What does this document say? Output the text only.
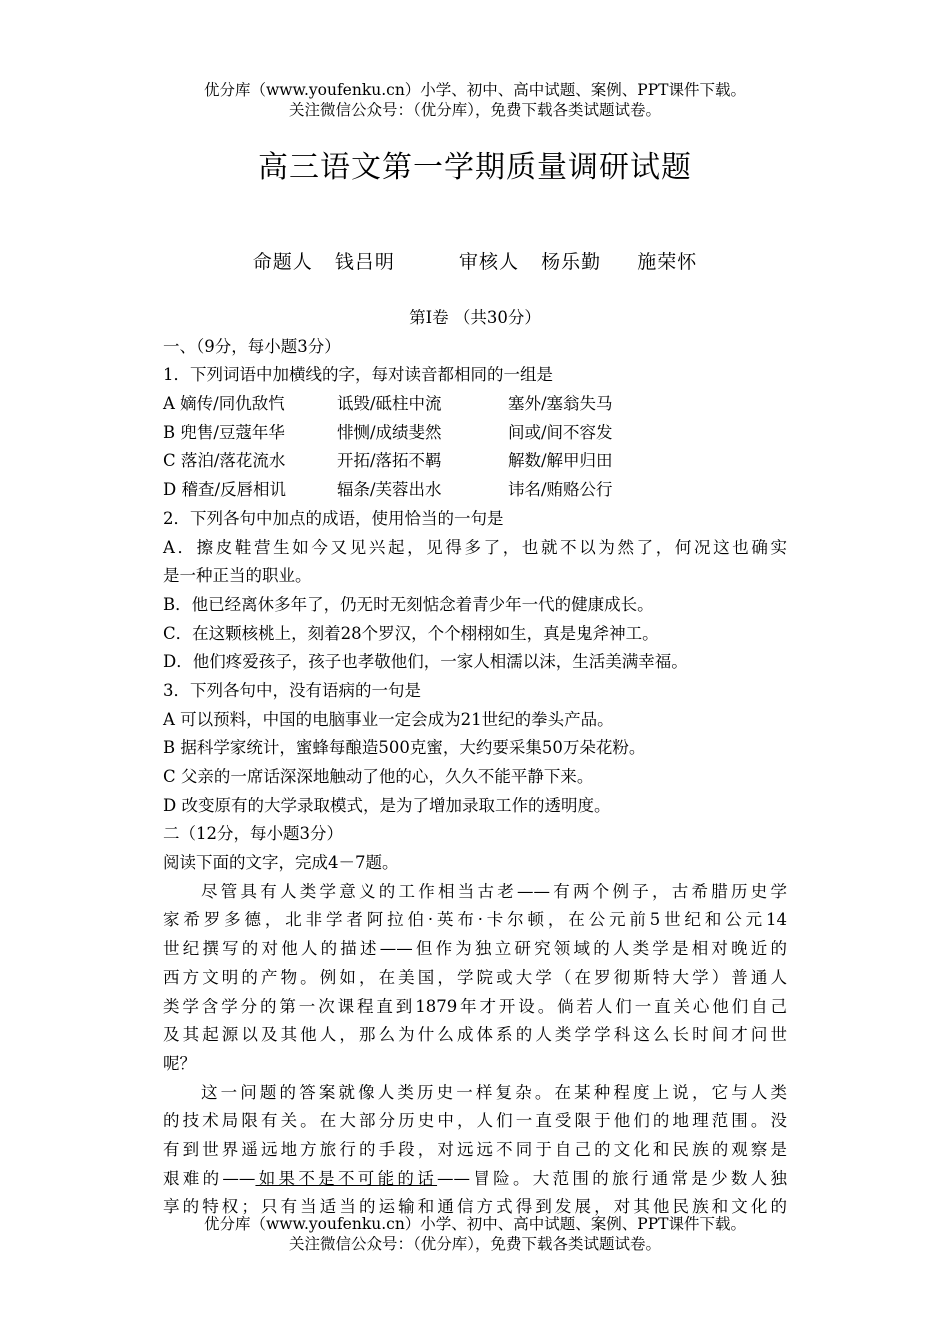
优分库（www.youfenku.cn）小学、初中、高中试题、案例、PPT课件下载。
关注微信公众号：（优分库），免费下载各类试题试卷。
高三语文第一学期质量调研试题
命题人 钱吕明	审核人 杨乐勤 施荣怀
第Ⅰ卷 （共30分）
一、（9分，每小题3分）
1．下列词语中加横线的字，每对读音都相同的一组是
A 嫡传/同仇敌忾	诋毁/砥柱中流	塞外/塞翁失马
B 兜售/豆蔻年华	悱恻/成绩斐然	间或/间不容发
C 落泊/落花流水	开拓/落拓不羁	解数/解甲归田
D 稽查/反唇相讥	辐条/芙蓉出水	讳名/贿赂公行
2．下列各句中加点的成语，使用恰当的一句是
A．擦皮鞋营生如今又见兴起，见得多了，也就不以为然了，何况这也确实
是一种正当的职业。
B．他已经离休多年了，仍无时无刻惦念着青少年一代的健康成长。
C．在这颗核桃上，刻着28个罗汉，个个栩栩如生，真是鬼斧神工。
D．他们疼爱孩子，孩子也孝敬他们，一家人相濡以沫，生活美满幸福。
3．下列各句中，没有语病的一句是
A 可以预料，中国的电脑事业一定会成为21世纪的拳头产品。
B 据科学家统计，蜜蜂每酿造500克蜜，大约要采集50万朵花粉。
C 父亲的一席话深深地触动了他的心，久久不能平静下来。
D 改变原有的大学录取模式，是为了增加录取工作的透明度。
二（12分，每小题3分）
阅读下面的文字，完成4－7题。
尽管具有人类学意义的工作相当古老——有两个例子，古希腊历史学
家希罗多德，北非学者阿拉伯·英布·卡尔顿，在公元前5世纪和公元14
世纪撰写的对他人的描述——但作为独立研究领域的人类学是相对晚近的
西方文明的产物。例如，在美国，学院或大学（在罗彻斯特大学）普通人
类学含学分的第一次课程直到1879年才开设。倘若人们一直关心他们自己
及其起源以及其他人，那么为什么成体系的人类学学科这么长时间才问世
呢？
这一问题的答案就像人类历史一样复杂。在某种程度上说，它与人类
的技术局限有关。在大部分历史中，人们一直受限于他们的地理范围。没
有到世界遥远地方旅行的手段，对远远不同于自己的文化和民族的观察是
艰难的——如果不是不可能的话——冒险。大范围的旅行通常是少数人独
享的特权；只有当适当的运输和通信方式得到发展，对其他民族和文化的
优分库（www.youfenku.cn）小学、初中、高中试题、案例、PPT课件下载。
关注微信公众号：（优分库），免费下载各类试题试卷。
